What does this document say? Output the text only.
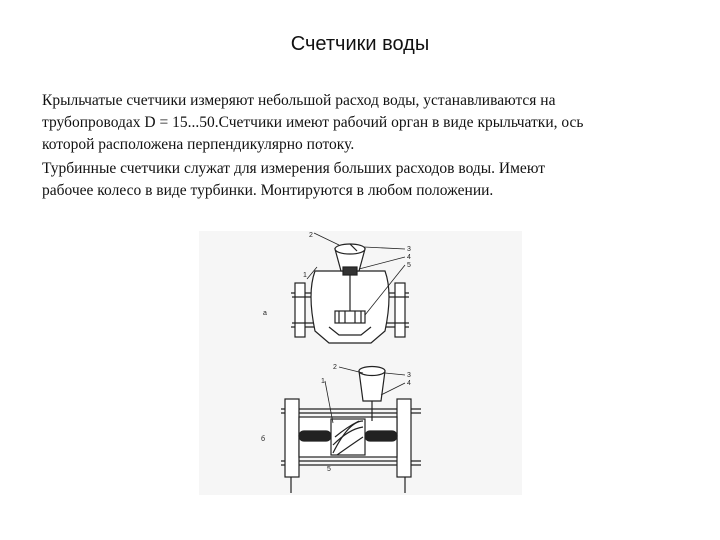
Счетчики воды
Крыльчатые счетчики измеряют небольшой расход воды, устанавливаются на
трубопроводах D = 15...50.Счетчики имеют рабочий орган в виде крыльчатки, ось
которой расположена перпендикулярно потоку.
Турбинные счетчики служат для измерения больших расходов воды. Имеют
рабочее колесо в виде турбинки. Монтируются в любом положении.
2
1
3
4
5
а
2
1
3
4
5
б
